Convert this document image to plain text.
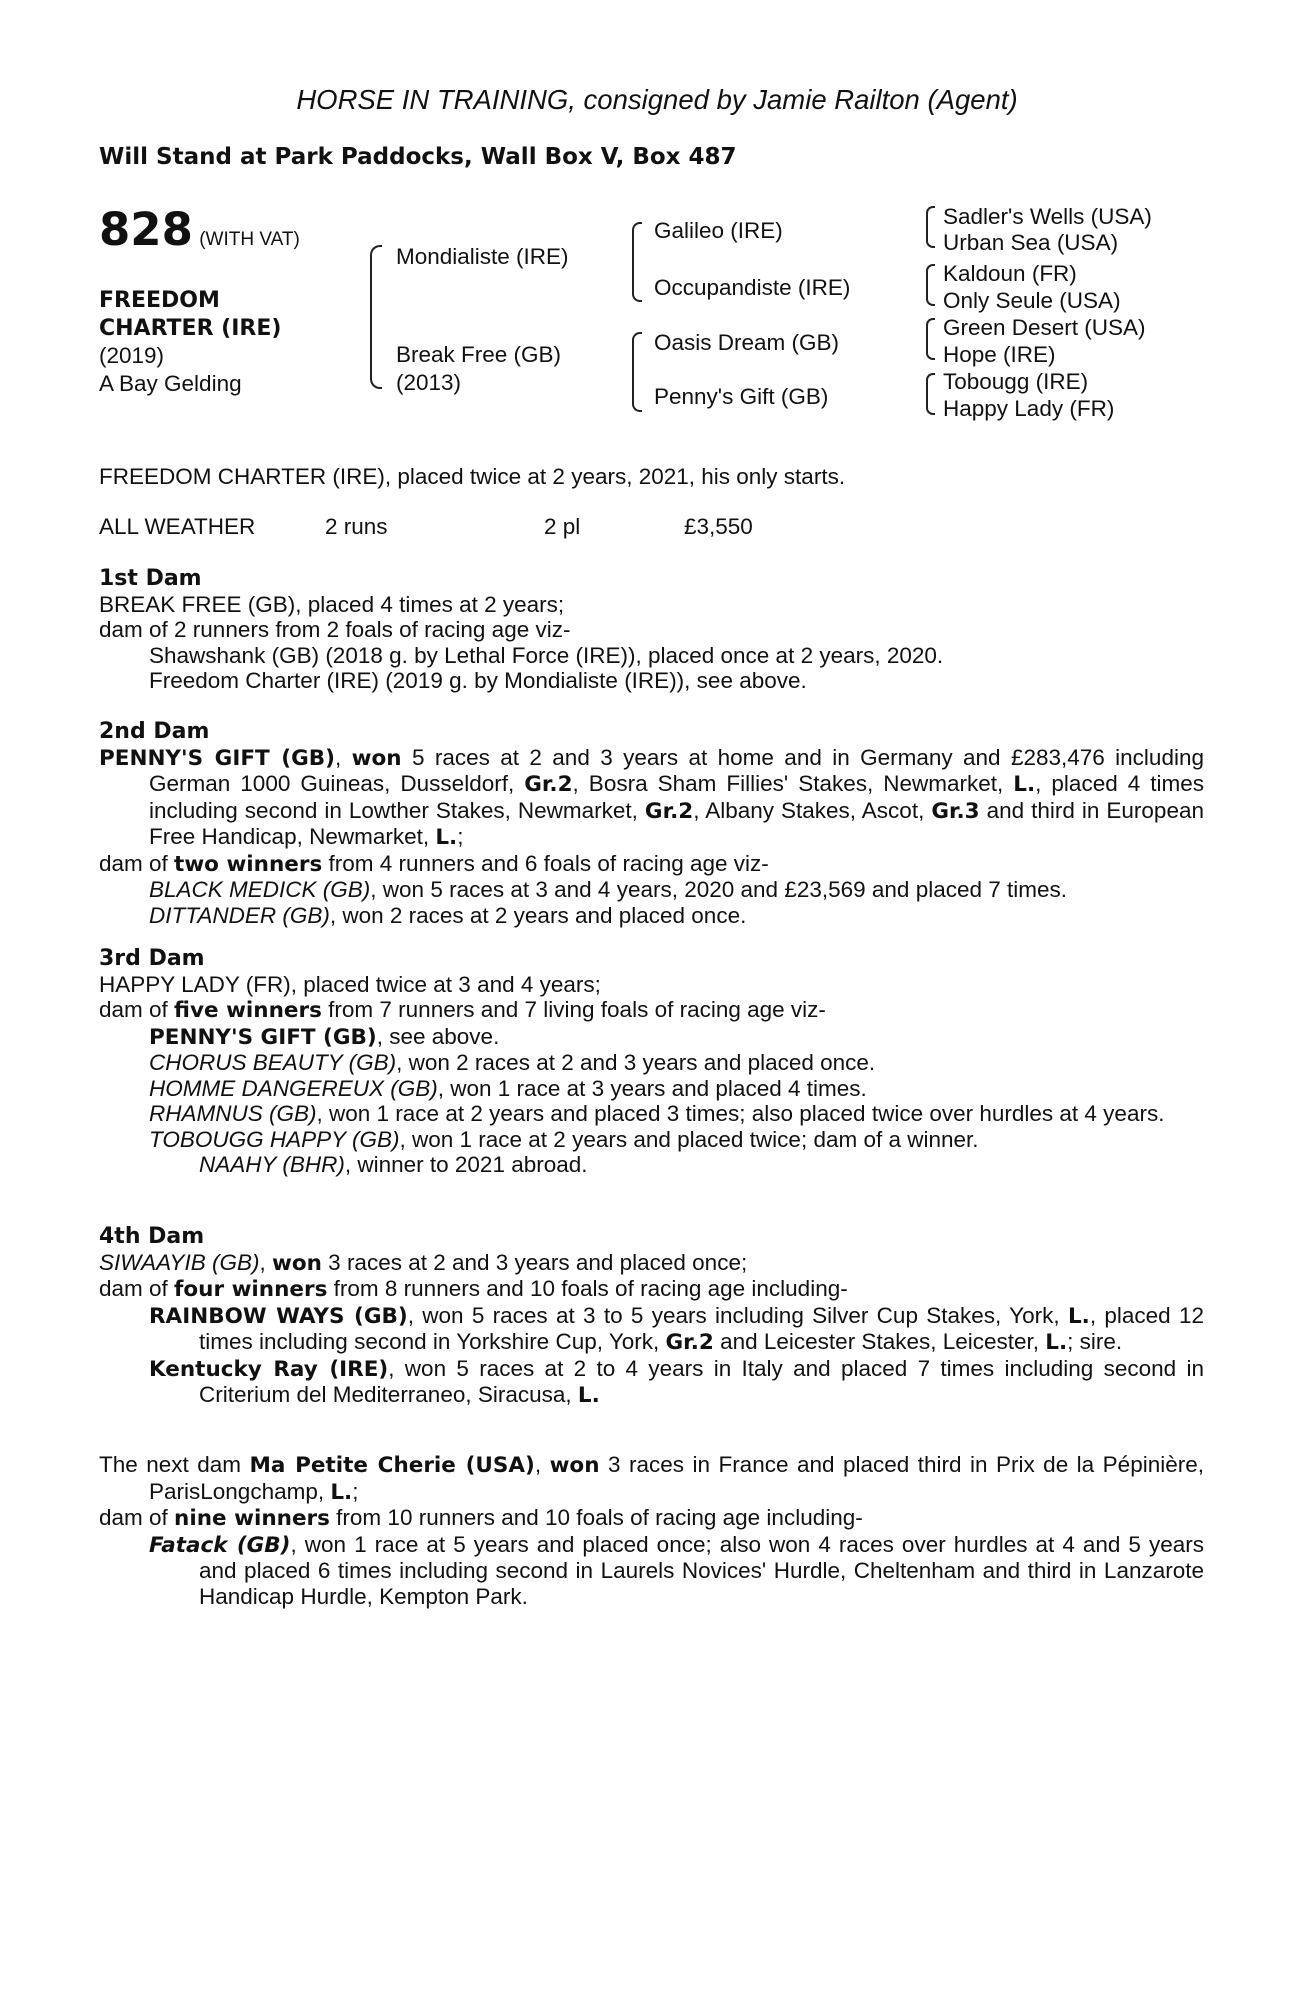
HORSE IN TRAINING, consigned by Jamie Railton (Agent)
Will Stand at Park Paddocks, Wall Box V, Box 487
828 (WITH VAT)
FREEDOM
CHARTER (IRE)
(2019)
A Bay Gelding
Mondialiste (IRE)
Break Free (GB)
(2013)
Galileo (IRE)
Occupandiste (IRE)
Oasis Dream (GB)
Penny's Gift (GB)
Sadler's Wells (USA)
Urban Sea (USA)
Kaldoun (FR)
Only Seule (USA)
Green Desert (USA)
Hope (IRE)
Tobougg (IRE)
Happy Lady (FR)
FREEDOM CHARTER (IRE), placed twice at 2 years, 2021, his only starts.
ALL WEATHER	2 runs	2 pl	£3,550
1st Dam
BREAK FREE (GB), placed 4 times at 2 years;
dam of 2 runners from 2 foals of racing age viz-
Shawshank (GB) (2018 g. by Lethal Force (IRE)), placed once at 2 years, 2020.
Freedom Charter (IRE) (2019 g. by Mondialiste (IRE)), see above.
2nd Dam
PENNY'S GIFT (GB), won 5 races at 2 and 3 years at home and in Germany and £283,476 including German 1000 Guineas, Dusseldorf, Gr.2, Bosra Sham Fillies' Stakes, Newmarket, L., placed 4 times including second in Lowther Stakes, Newmarket, Gr.2, Albany Stakes, Ascot, Gr.3 and third in European Free Handicap, Newmarket, L.;
dam of two winners from 4 runners and 6 foals of racing age viz-
BLACK MEDICK (GB), won 5 races at 3 and 4 years, 2020 and £23,569 and placed 7 times.
DITTANDER (GB), won 2 races at 2 years and placed once.
3rd Dam
HAPPY LADY (FR), placed twice at 3 and 4 years;
dam of five winners from 7 runners and 7 living foals of racing age viz-
PENNY'S GIFT (GB), see above.
CHORUS BEAUTY (GB), won 2 races at 2 and 3 years and placed once.
HOMME DANGEREUX (GB), won 1 race at 3 years and placed 4 times.
RHAMNUS (GB), won 1 race at 2 years and placed 3 times; also placed twice over hurdles at 4 years.
TOBOUGG HAPPY (GB), won 1 race at 2 years and placed twice; dam of a winner.
NAAHY (BHR), winner to 2021 abroad.
4th Dam
SIWAAYIB (GB), won 3 races at 2 and 3 years and placed once;
dam of four winners from 8 runners and 10 foals of racing age including-
RAINBOW WAYS (GB), won 5 races at 3 to 5 years including Silver Cup Stakes, York, L., placed 12 times including second in Yorkshire Cup, York, Gr.2 and Leicester Stakes, Leicester, L.; sire.
Kentucky Ray (IRE), won 5 races at 2 to 4 years in Italy and placed 7 times including second in Criterium del Mediterraneo, Siracusa, L.
The next dam Ma Petite Cherie (USA), won 3 races in France and placed third in Prix de la Pépinière, ParisLongchamp, L.;
dam of nine winners from 10 runners and 10 foals of racing age including-
Fatack (GB), won 1 race at 5 years and placed once; also won 4 races over hurdles at 4 and 5 years and placed 6 times including second in Laurels Novices' Hurdle, Cheltenham and third in Lanzarote Handicap Hurdle, Kempton Park.
